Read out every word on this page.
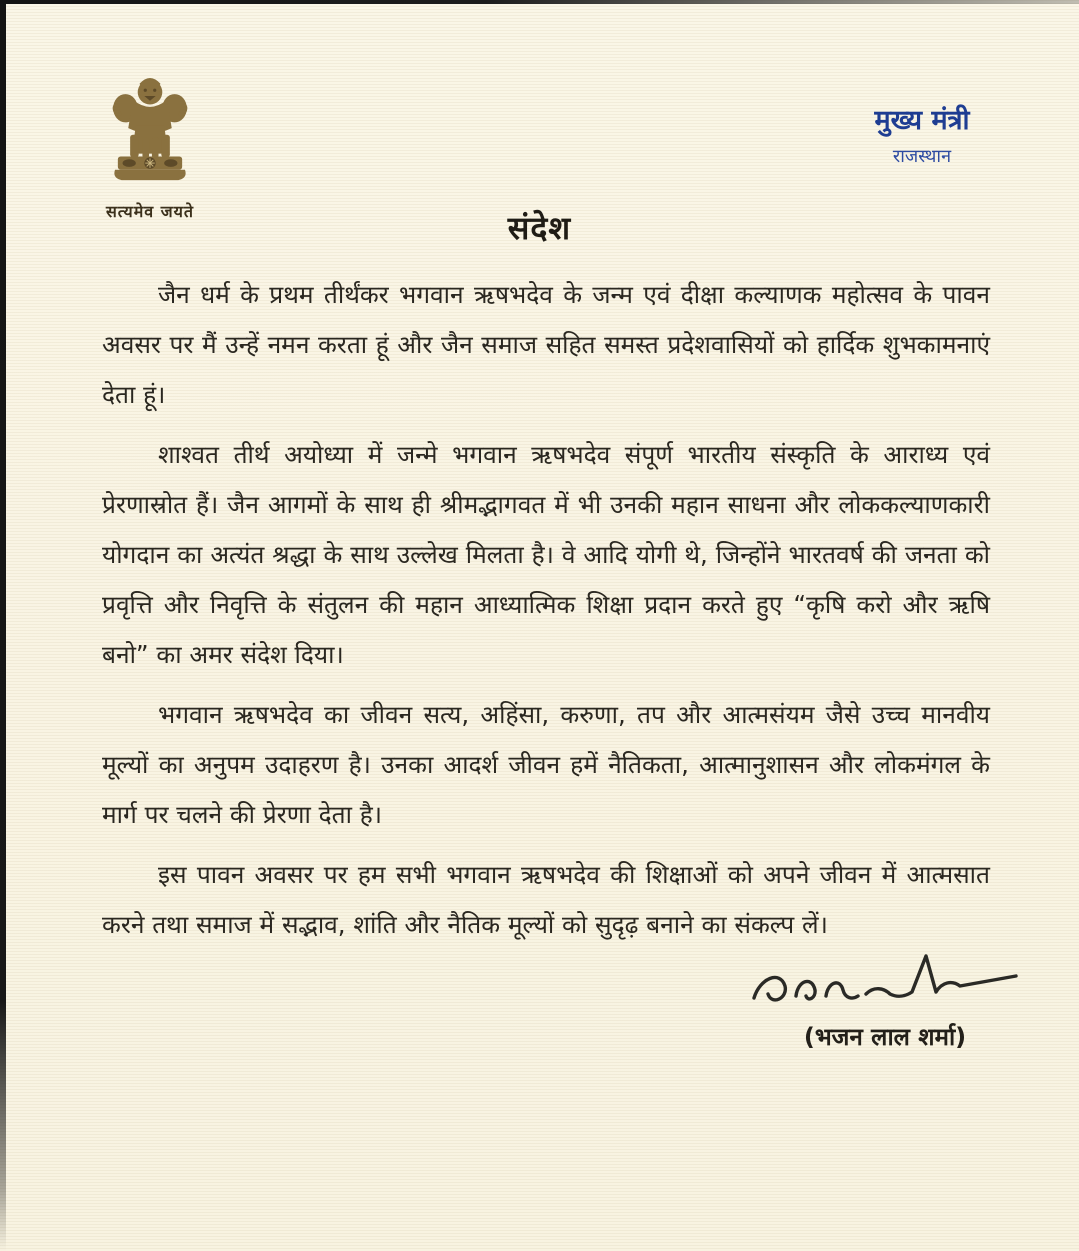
सत्यमेव जयते
मुख्य मंत्री
राजस्थान
संदेश

जैन धर्म के प्रथम तीर्थंकर भगवान ऋषभदेव के जन्म एवं दीक्षा कल्याणक महोत्सव के पावन अवसर पर मैं उन्हें नमन करता हूं और जैन समाज सहित समस्त प्रदेशवासियों को हार्दिक शुभकामनाएं देता हूं।

शाश्वत तीर्थ अयोध्या में जन्मे भगवान ऋषभदेव संपूर्ण भारतीय संस्कृति के आराध्य एवं प्रेरणास्रोत हैं। जैन आगमों के साथ ही श्रीमद्भागवत में भी उनकी महान साधना और लोककल्याणकारी योगदान का अत्यंत श्रद्धा के साथ उल्लेख मिलता है। वे आदि योगी थे, जिन्होंने भारतवर्ष की जनता को प्रवृत्ति और निवृत्ति के संतुलन की महान आध्यात्मिक शिक्षा प्रदान करते हुए “कृषि करो और ऋषि बनो” का अमर संदेश दिया।

भगवान ऋषभदेव का जीवन सत्य, अहिंसा, करुणा, तप और आत्मसंयम जैसे उच्च मानवीय मूल्यों का अनुपम उदाहरण है। उनका आदर्श जीवन हमें नैतिकता, आत्मानुशासन और लोकमंगल के मार्ग पर चलने की प्रेरणा देता है।

इस पावन अवसर पर हम सभी भगवान ऋषभदेव की शिक्षाओं को अपने जीवन में आत्मसात करने तथा समाज में सद्भाव, शांति और नैतिक मूल्यों को सुदृढ़ बनाने का संकल्प लें।

(भजन लाल शर्मा)
